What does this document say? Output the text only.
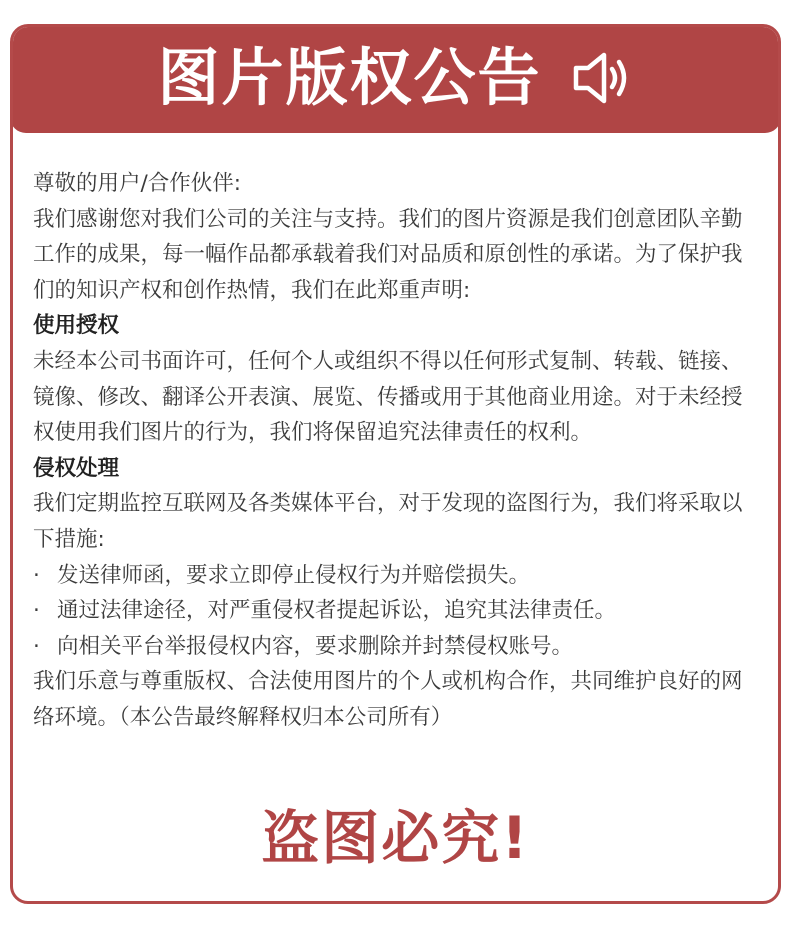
图片版权公告

尊敬的用户/合作伙伴:

我们感谢您对我们公司的关注与支持。我们的图片资源是我们创意团队辛勤工作的成果，每一幅作品都承载着我们对品质和原创性的承诺。为了保护我们的知识产权和创作热情，我们在此郑重声明:

使用授权

未经本公司书面许可，任何个人或组织不得以任何形式复制、转载、链接、镜像、修改、翻译公开表演、展览、传播或用于其他商业用途。对于未经授权使用我们图片的行为，我们将保留追究法律责任的权利。

侵权处理

我们定期监控互联网及各类媒体平台，对于发现的盗图行为，我们将采取以下措施:

· 发送律师函，要求立即停止侵权行为并赔偿损失。

· 通过法律途径，对严重侵权者提起诉讼，追究其法律责任。

· 向相关平台举报侵权内容，要求删除并封禁侵权账号。

我们乐意与尊重版权、合法使用图片的个人或机构合作，共同维护良好的网络环境。（本公告最终解释权归本公司所有）

盗图必究!
